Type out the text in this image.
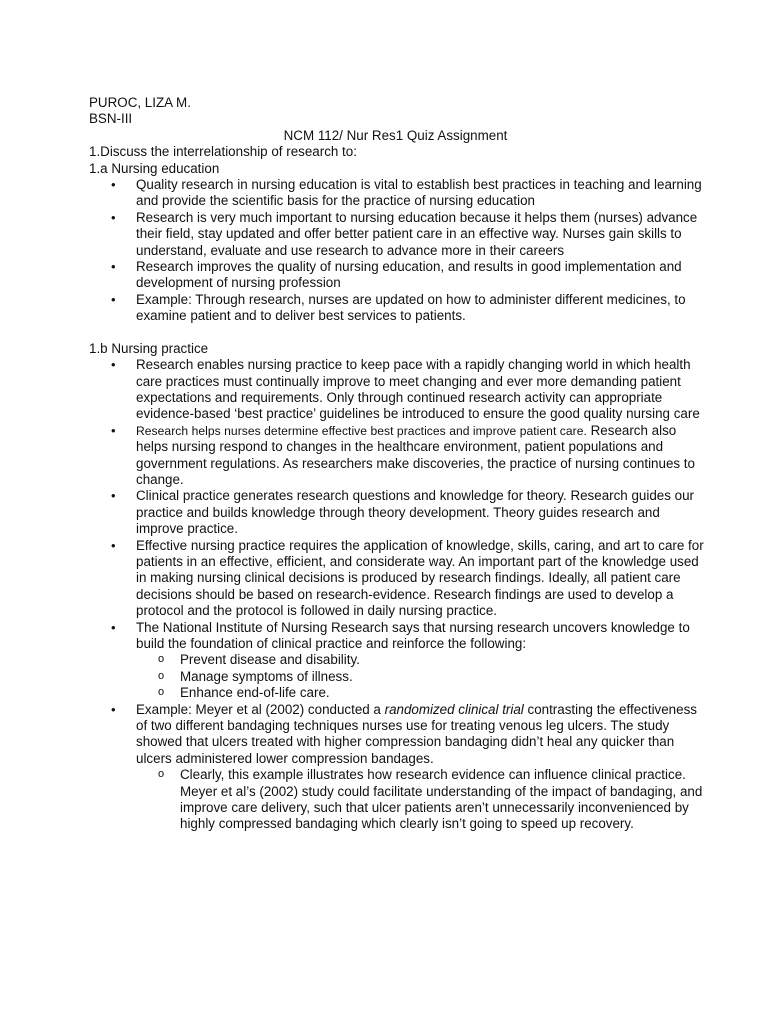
PUROC, LIZA M.

BSN-III

NCM 112/ Nur Res1 Quiz Assignment

1.Discuss the interrelationship of research to:

1.a Nursing education

• Quality research in nursing education is vital to establish best practices in teaching and learning and provide the scientific basis for the practice of nursing education
• Research is very much important to nursing education because it helps them (nurses) advance their field, stay updated and offer better patient care in an effective way. Nurses gain skills to understand, evaluate and use research to advance more in their careers
• Research improves the quality of nursing education, and results in good implementation and development of nursing profession
• Example: Through research, nurses are updated on how to administer different medicines, to examine patient and to deliver best services to patients.

1.b Nursing practice

• Research enables nursing practice to keep pace with a rapidly changing world in which health care practices must continually improve to meet changing and ever more demanding patient expectations and requirements. Only through continued research activity can appropriate evidence-based ‘best practice’ guidelines be introduced to ensure the good quality nursing care
• Research helps nurses determine effective best practices and improve patient care. Research also helps nursing respond to changes in the healthcare environment, patient populations and government regulations. As researchers make discoveries, the practice of nursing continues to change.
• Clinical practice generates research questions and knowledge for theory. Research guides our practice and builds knowledge through theory development. Theory guides research and improve practice.
• Effective nursing practice requires the application of knowledge, skills, caring, and art to care for patients in an effective, efficient, and considerate way. An important part of the knowledge used in making nursing clinical decisions is produced by research findings. Ideally, all patient care decisions should be based on research-evidence. Research findings are used to develop a protocol and the protocol is followed in daily nursing practice.
• The National Institute of Nursing Research says that nursing research uncovers knowledge to build the foundation of clinical practice and reinforce the following:
o Prevent disease and disability.
o Manage symptoms of illness.
o Enhance end-of-life care.
• Example: Meyer et al (2002) conducted a randomized clinical trial contrasting the effectiveness of two different bandaging techniques nurses use for treating venous leg ulcers. The study showed that ulcers treated with higher compression bandaging didn’t heal any quicker than ulcers administered lower compression bandages.
o Clearly, this example illustrates how research evidence can influence clinical practice. Meyer et al’s (2002) study could facilitate understanding of the impact of bandaging, and improve care delivery, such that ulcer patients aren’t unnecessarily inconvenienced by highly compressed bandaging which clearly isn’t going to speed up recovery.
